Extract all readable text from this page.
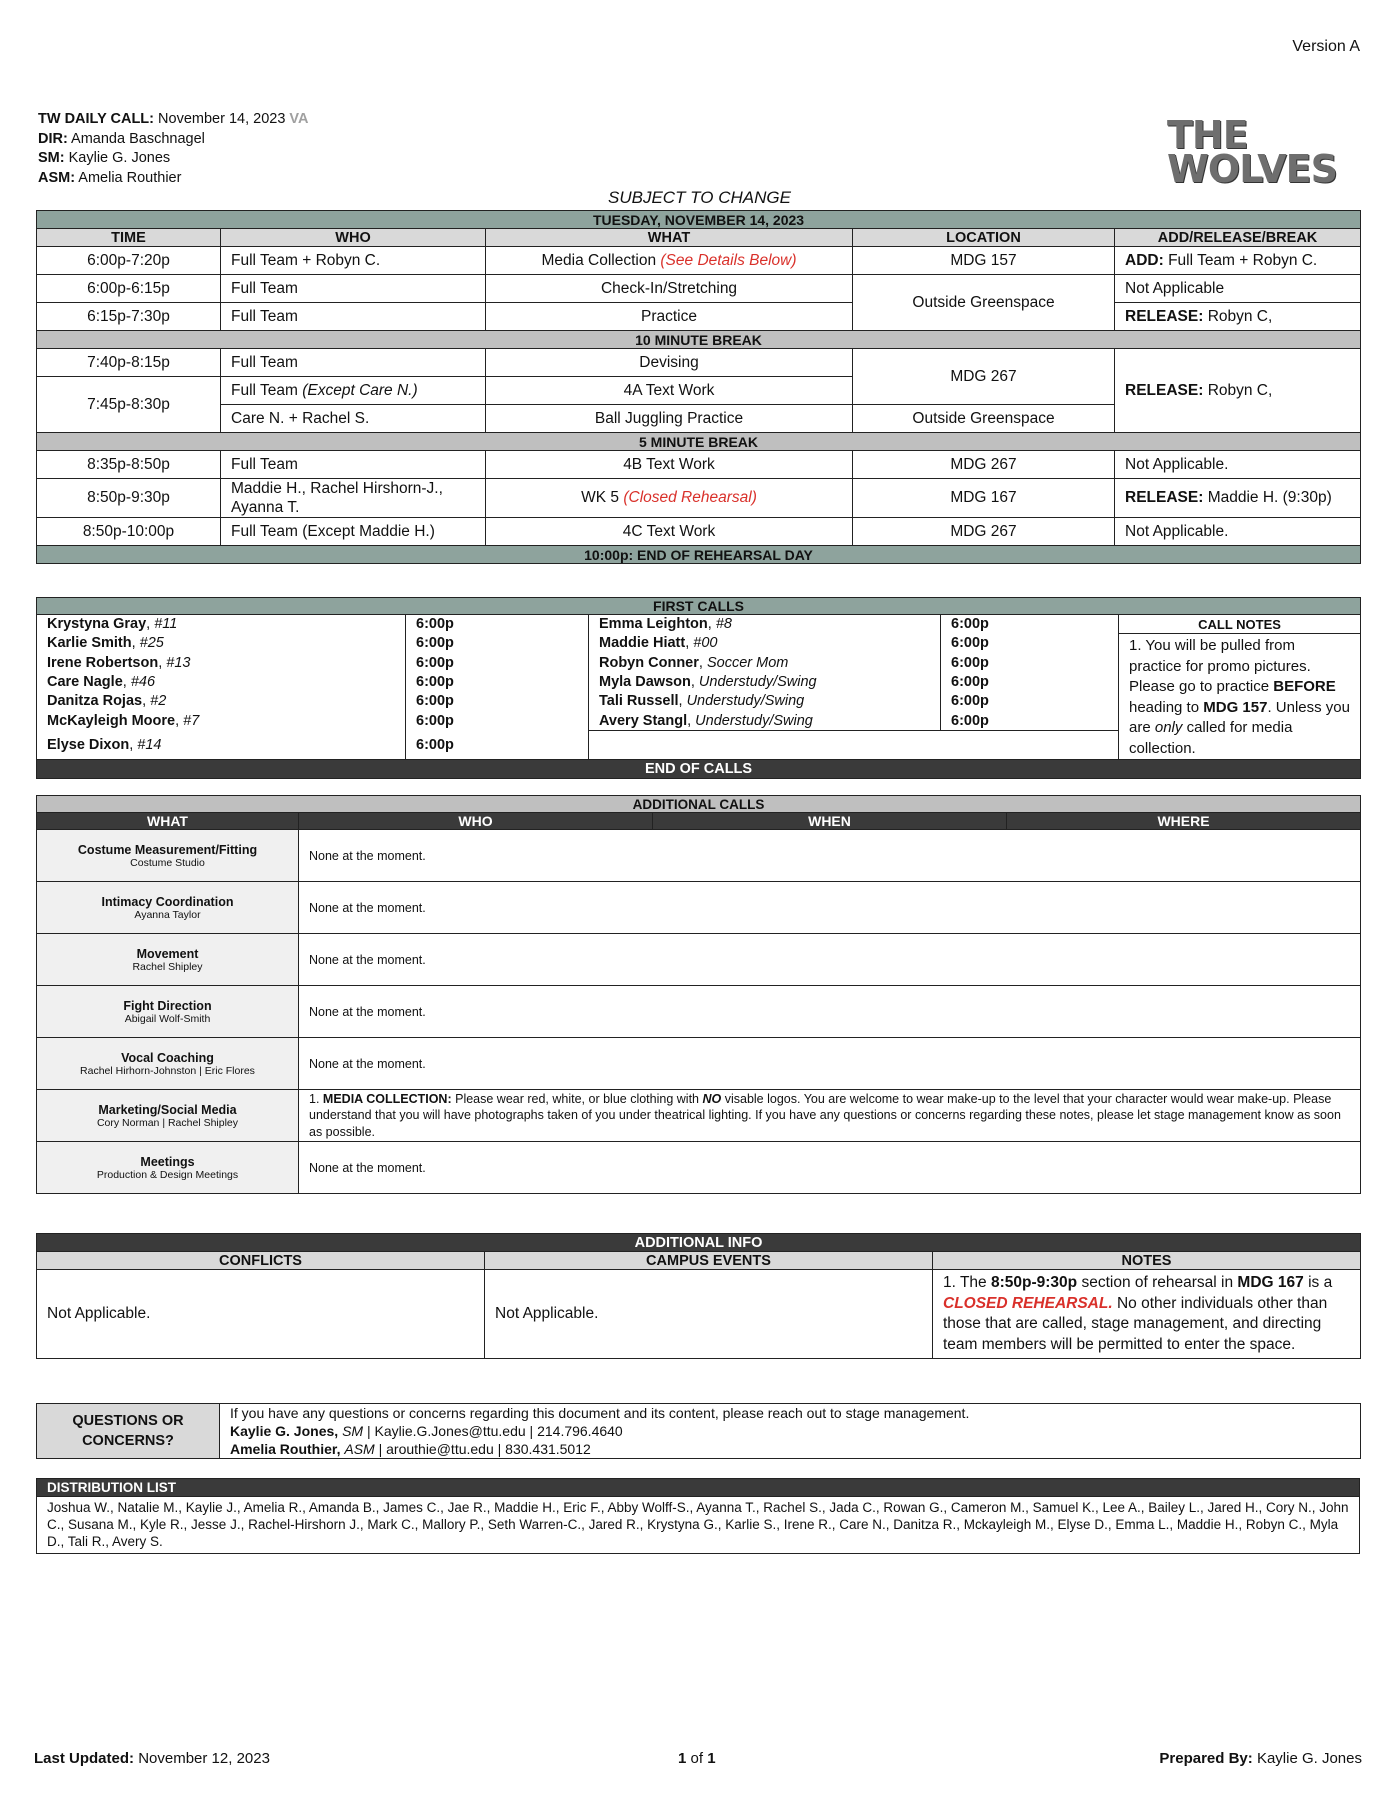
Version A
TW DAILY CALL: November 14, 2023 VA
DIR: Amanda Baschnagel
SM: Kaylie G. Jones
ASM: Amelia Routhier
THE
WOLVES
SUBJECT TO CHANGE
TUESDAY, NOVEMBER 14, 2023				
TIME	WHO	WHAT	LOCATION	ADD/RELEASE/BREAK
6:00p-7:20p	Full Team + Robyn C.	Media Collection (See Details Below)	MDG 157	ADD: Full Team + Robyn C.
6:00p-6:15p	Full Team	Check-In/Stretching	Outside Greenspace	Not Applicable
6:15p-7:30p	Full Team	Practice		RELEASE: Robyn C,
10 MINUTE BREAK				
7:40p-8:15p	Full Team	Devising	MDG 267	RELEASE: Robyn C,
7:45p-8:30p	Full Team (Except Care N.)	4A Text Work		
	Care N. + Rachel S.	Ball Juggling Practice	Outside Greenspace	
5 MINUTE BREAK				
8:35p-8:50p	Full Team	4B Text Work	MDG 267	Not Applicable.
8:50p-9:30p	Maddie H., Rachel Hirshorn-J., Ayanna T.	WK 5 (Closed Rehearsal)	MDG 167	RELEASE: Maddie H. (9:30p)
8:50p-10:00p	Full Team (Except Maddie H.)	4C Text Work	MDG 267	Not Applicable.
10:00p: END OF REHEARSAL DAY				
FIRST CALLS				
Krystyna Gray, #11	6:00p	Emma Leighton, #8	6:00p	CALL NOTES
Karlie Smith, #25	6:00p	Maddie Hiatt, #00	6:00p	1. You will be pulled from practice for promo pictures. Please go to practice BEFORE heading to MDG 157. Unless you are only called for media collection.
Irene Robertson, #13	6:00p	Robyn Conner, Soccer Mom	6:00p	
Care Nagle, #46	6:00p	Myla Dawson, Understudy/Swing	6:00p	
Danitza Rojas, #2	6:00p	Tali Russell, Understudy/Swing	6:00p	
McKayleigh Moore, #7	6:00p	Avery Stangl, Understudy/Swing	6:00p	
Elyse Dixon, #14	6:00p			
END OF CALLS				
ADDITIONAL CALLS			
WHAT	WHO	WHEN	WHERE

Costume Measurement/Fitting
Costume Studio	None at the moment.		

Intimacy Coordination
Ayanna Taylor	None at the moment.		

Movement
Rachel Shipley	None at the moment.		

Fight Direction
Abigail Wolf-Smith	None at the moment.		

Vocal Coaching
Rachel Hirhorn-Johnston | Eric Flores	None at the moment.		

Marketing/Social Media
Cory Norman | Rachel Shipley	1. MEDIA COLLECTION: Please wear red, white, or blue clothing with NO visable logos. You are welcome to wear make-up to the level that your character would wear make-up. Please understand that you will have photographs taken of you under theatrical lighting. If you have any questions or concerns regarding these notes, please let stage management know as soon as possible.		

Meetings
Production & Design Meetings	None at the moment.		
ADDITIONAL INFO		
CONFLICTS	CAMPUS EVENTS	NOTES
Not Applicable.	Not Applicable.	1. The 8:50p-9:30p section of rehearsal in MDG 167 is a CLOSED REHEARSAL. No other individuals other than those that are called, stage management, and directing team members will be permitted to enter the space.
QUESTIONS OR CONCERNS?	
If you have any questions or concerns regarding this document and its content, please reach out to stage management.
Kaylie G. Jones, SM | Kaylie.G.Jones@ttu.edu | 214.796.4640
Amelia Routhier, ASM | arouthie@ttu.edu | 830.431.5012
DISTRIBUTION LIST
Joshua W., Natalie M., Kaylie J., Amelia R., Amanda B., James C., Jae R., Maddie H., Eric F., Abby Wolff-S., Ayanna T., Rachel S., Jada C., Rowan G., Cameron M., Samuel K., Lee A., Bailey L., Jared H., Cory N., John C., Susana M., Kyle R., Jesse J., Rachel-Hirshorn J., Mark C., Mallory P., Seth Warren-C., Jared R., Krystyna G., Karlie S., Irene R., Care N., Danitza R., Mckayleigh M., Elyse D., Emma L., Maddie H., Robyn C., Myla D., Tali R., Avery S.
Last Updated: November 12, 2023	1 of 1	Prepared By: Kaylie G. Jones
